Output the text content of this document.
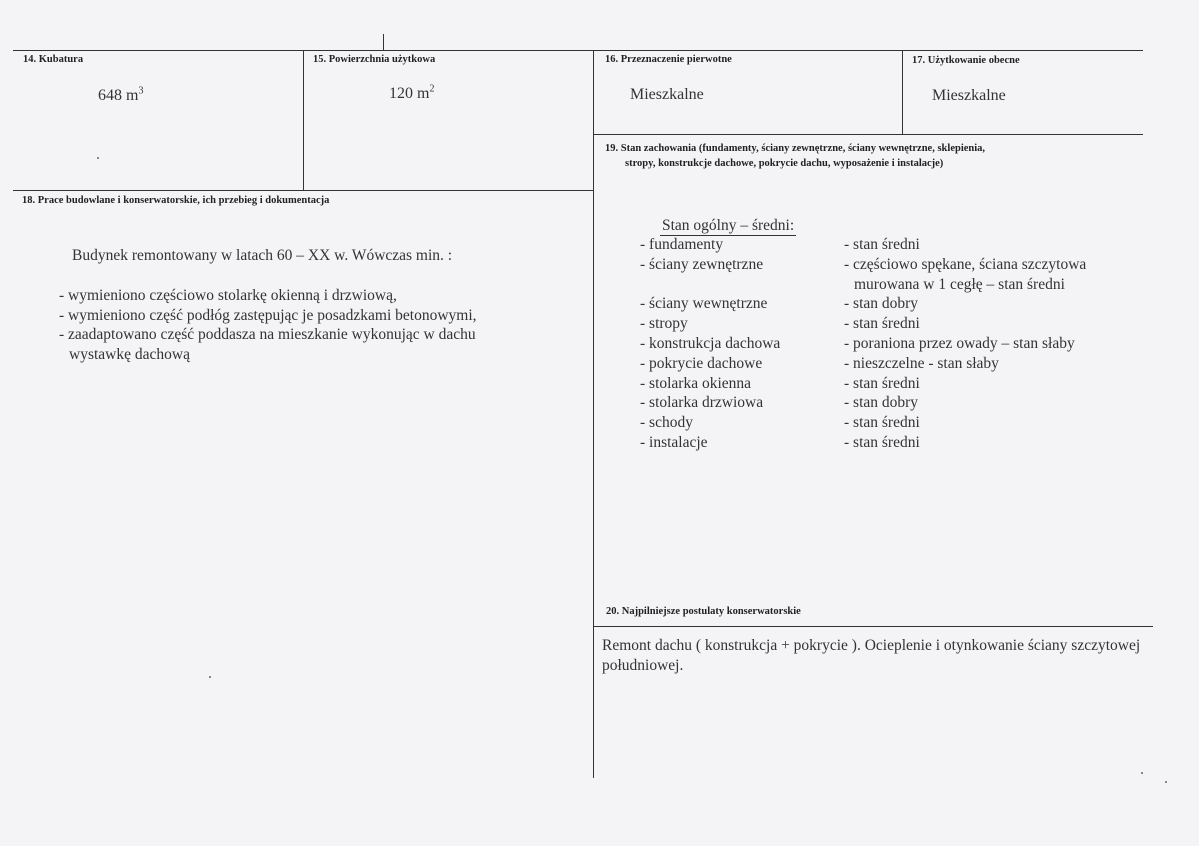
14. Kubatura
648 $m^3$
15. Powierzchnia użytkowa
120 $m^2$
16. Przeznaczenie pierwotne
Mieszkalne
17. Użytkowanie obecne
Mieszkalne
18. Prace budowlane i konserwatorskie, ich przebieg i dokumentacja
Budynek remontowany w latach 60 – XX w. Wówczas min. :
- wymieniono częściowo stolarkę okienną i drzwiową,
- wymieniono część podłóg zastępując je posadzkami betonowymi,
- zaadaptowano część poddasza na mieszkanie wykonując w dachu
wystawkę dachową
19. Stan zachowania (fundamenty, ściany zewnętrzne, ściany wewnętrzne, sklepienia,
stropy, konstrukcje dachowe, pokrycie dachu, wyposażenie i instalacje)
Stan ogólny – średni:
- fundamenty
- ściany zewnętrzne
- ściany wewnętrzne
- stropy
- konstrukcja dachowa
- pokrycie dachowe
- stolarka okienna
- stolarka drzwiowa
- schody
- instalacje
- stan średni
- częściowo spękane, ściana szczytowa
murowana w 1 cegłę – stan średni
- stan dobry
- stan średni
- poraniona przez owady – stan słaby
- nieszczelne - stan słaby
- stan średni
- stan dobry
- stan średni
- stan średni
20. Najpilniejsze postulaty konserwatorskie
Remont dachu ( konstrukcja + pokrycie ). Ocieplenie i otynkowanie ściany szczytowej południowej.
